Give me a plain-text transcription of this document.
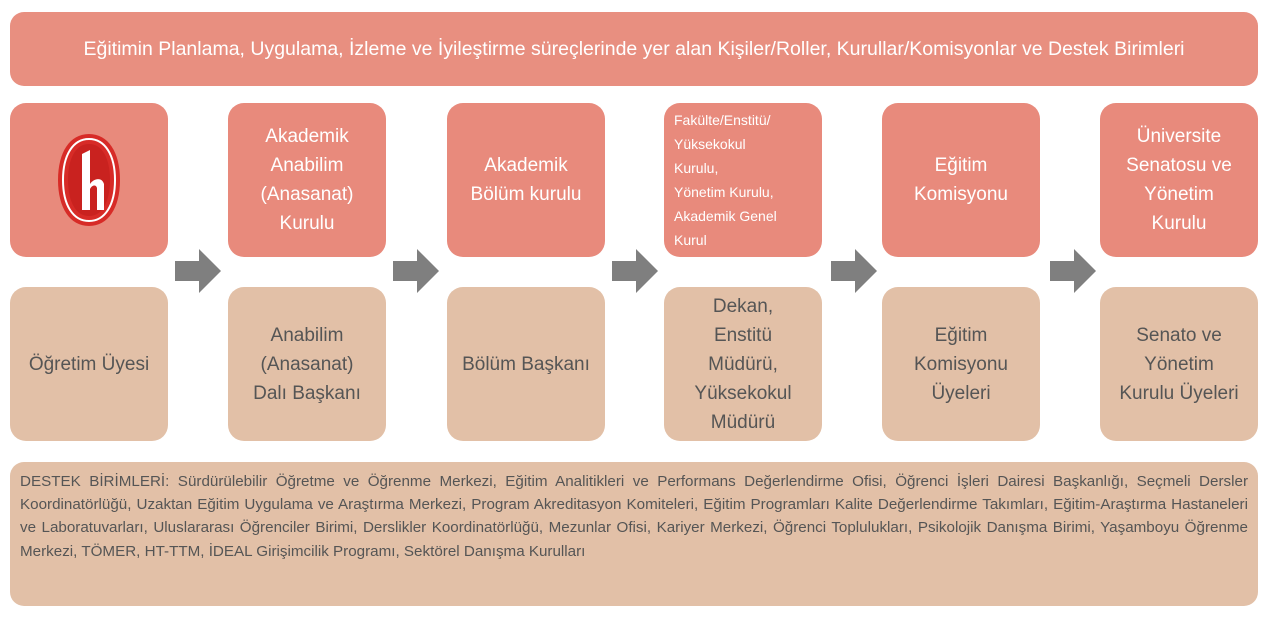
Eğitimin Planlama, Uygulama, İzleme ve İyileştirme süreçlerinde yer alan Kişiler/Roller, Kurullar/Komisyonlar ve Destek Birimleri
Öğretim Üyesi
Akademik
Anabilim
(Anasanat)
Kurulu
Anabilim
(Anasanat)
Dalı Başkanı
Akademik
Bölüm kurulu
Bölüm Başkanı
Fakülte/Enstitü/
Yüksekokul
Kurulu,
Yönetim Kurulu,
Akademik Genel
Kurul
Dekan,
Enstitü
Müdürü,
Yüksekokul
Müdürü
Eğitim
Komisyonu
Eğitim
Komisyonu
Üyeleri
Üniversite
Senatosu ve
Yönetim
Kurulu
Senato ve
Yönetim
Kurulu Üyeleri
DESTEK BİRİMLERİ: Sürdürülebilir Öğretme ve Öğrenme Merkezi, Eğitim Analitikleri ve Performans Değerlendirme Ofisi, Öğrenci İşleri Dairesi Başkanlığı, Seçmeli Dersler Koordinatörlüğü, Uzaktan Eğitim Uygulama ve Araştırma Merkezi, Program Akreditasyon Komiteleri, Eğitim Programları Kalite Değerlendirme Takımları, Eğitim-Araştırma Hastaneleri ve Laboratuvarları, Uluslararası Öğrenciler Birimi, Derslikler Koordinatörlüğü, Mezunlar Ofisi, Kariyer Merkezi, Öğrenci Toplulukları, Psikolojik Danışma Birimi, Yaşamboyu Öğrenme Merkezi, TÖMER, HT-TTM, İDEAL Girişimcilik Programı, Sektörel Danışma Kurulları
